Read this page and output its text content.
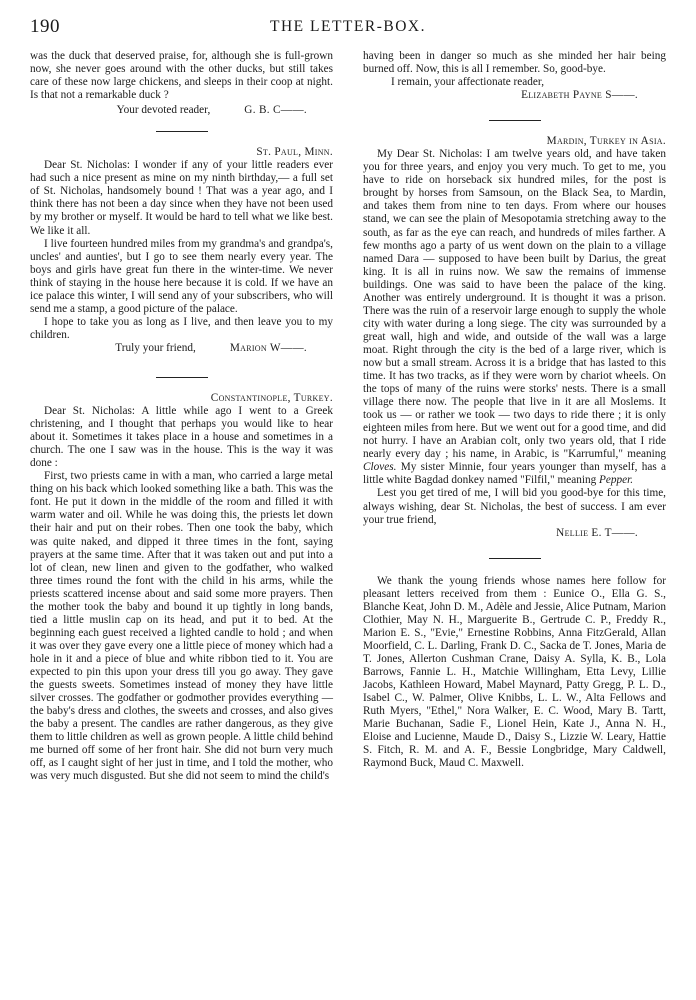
190	THE LETTER-BOX.

was the duck that deserved praise, for, although she is full-grown now, she never goes around with the other ducks, but still takes care of these now large chickens, and sleeps in their coop at night. Is that not a remarkable duck ?

Your devoted reader,	G. B. C——.

St. Paul, Minn.

Dear St. Nicholas: I wonder if any of your little readers ever had such a nice present as mine on my ninth birthday,— a full set of St. Nicholas, handsomely bound ! That was a year ago, and I think there has not been a day since when they have not been used by my brother or myself. It would be hard to tell what we like best. We like it all.

I live fourteen hundred miles from my grandma's and grandpa's, uncles' and aunties', but I go to see them nearly every year. The boys and girls have great fun there in the winter-time. We never think of staying in the house here because it is cold. If we have an ice palace this winter, I will send any of your subscribers, who will send me a stamp, a good picture of the palace.

I hope to take you as long as I live, and then leave you to my children.

Truly your friend,	Marion W——.

Constantinople, Turkey.

Dear St. Nicholas: A little while ago I went to a Greek christening, and I thought that perhaps you would like to hear about it. Sometimes it takes place in a house and sometimes in a church. The one I saw was in the house. This is the way it was done :

First, two priests came in with a man, who carried a large metal thing on his back which looked something like a bath. This was the font. He put it down in the middle of the room and filled it with warm water and oil. While he was doing this, the priests let down their hair and put on their robes. Then one took the baby, which was quite naked, and dipped it three times in the font, saying prayers at the same time. After that it was taken out and put into a lot of clean, new linen and given to the godfather, who walked three times round the font with the child in his arms, while the priests scattered incense about and said some more prayers. Then the mother took the baby and bound it up tightly in long bands, tied a little muslin cap on its head, and put it to bed. At the beginning each guest received a lighted candle to hold ; and when it was over they gave every one a little piece of money which had a hole in it and a piece of blue and white ribbon tied to it. You are expected to pin this upon your dress till you go away. They gave the guests sweets. Sometimes instead of money they have little silver crosses. The godfather or godmother provides everything — the baby's dress and clothes, the sweets and crosses, and also gives the baby a present. The candles are rather dangerous, as they give them to little children as well as grown people. A little child behind me burned off some of her front hair. She did not burn very much off, as I caught sight of her just in time, and I told the mother, who was very much disgusted. But she did not seem to mind the child's

having been in danger so much as she minded her hair being burned off. Now, this is all I remember. So, good-bye.

I remain, your affectionate reader,

Elizabeth Payne S——.

Mardin, Turkey in Asia.

My Dear St. Nicholas: I am twelve years old, and have taken you for three years, and enjoy you very much. To get to me, you have to ride on horseback six hundred miles, for the post is brought by horses from Samsoun, on the Black Sea, to Mardin, and takes them from nine to ten days. From where our houses stand, we can see the plain of Mesopotamia stretching away to the south, as far as the eye can reach, and hundreds of miles farther. A few months ago a party of us went down on the plain to a village named Dara — supposed to have been built by Darius, the great king. It is all in ruins now. We saw the remains of immense buildings. One was said to have been the palace of the king. Another was entirely underground. It is thought it was a prison. There was the ruin of a reservoir large enough to supply the whole city with water during a long siege. The city was surrounded by a great wall, high and wide, and outside of the wall was a large moat. Right through the city is the bed of a large river, which is now but a small stream. Across it is a bridge that has lasted to this time. It has two tracks, as if they were worn by chariot wheels. On the tops of many of the ruins were storks' nests. There is a small village there now. The people that live in it are all Moslems. It took us — or rather we took — two days to ride there ; it is only eighteen miles from here. But we went out for a good time, and did not hurry. I have an Arabian colt, only two years old, that I ride nearly every day ; his name, in Arabic, is "Karrumful," meaning Cloves. My sister Minnie, four years younger than myself, has a little white Bagdad donkey named "Filfil," meaning Pepper.

Lest you get tired of me, I will bid you good-bye for this time, always wishing, dear St. Nicholas, the best of success. I am ever your true friend,

Nellie E. T——.

We thank the young friends whose names here follow for pleasant letters received from them : Eunice O., Ella G. S., Blanche Keat, John D. M., Adèle and Jessie, Alice Putnam, Marion Clothier, May N. H., Marguerite B., Gertrude C. P., Freddy R., Marion E. S., "Evie," Ernestine Robbins, Anna FitzGerald, Allan Moorfield, C. L. Darling, Frank D. C., Sacka de T. Jones, Maria de T. Jones, Allerton Cushman Crane, Daisy A. Sylla, K. B., Lola Barrows, Fannie L. H., Matchie Willingham, Etta Levy, Lillie Jacobs, Kathleen Howard, Mabel Maynard, Patty Gregg, P. L. D., Isabel C., W. Palmer, Olive Knibbs, L. L. W., Alta Fellows and Ruth Myers, "Ethel," Nora Walker, E. C. Wood, Mary B. Tartt, Marie Buchanan, Sadie F., Lionel Hein, Kate J., Anna N. H., Eloise and Lucienne, Maude D., Daisy S., Lizzie W. Leary, Hattie S. Fitch, R. M. and A. F., Bessie Longbridge, Mary Caldwell, Raymond Buck, Maud C. Maxwell.
